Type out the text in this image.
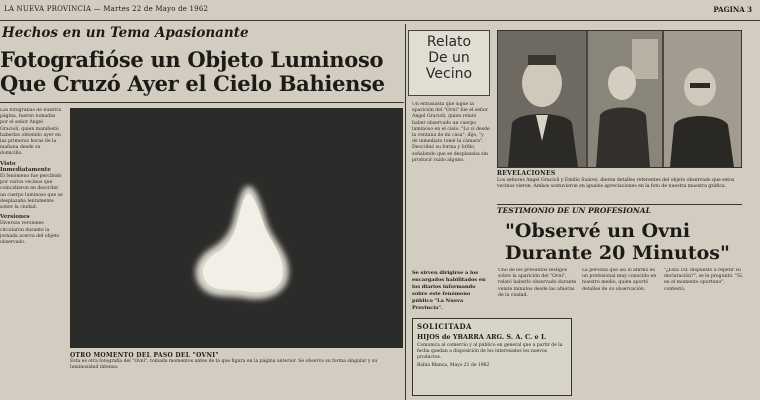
LA NUEVA PROVINCIA — Martes 22 de Mayo de 1962	PAGINA 3
Hechos en un Tema Apasionante
Fotografióse un Objeto Luminoso
Que Cruzó Ayer el Cielo Bahiense
Las fotografías de nuestra página, fueron tomadas por el señor Angel Gracioli, quien manifestó haberlas obtenido ayer en las primeras horas de la mañana desde su domicilio.
Visto Inmediatamente
El fenómeno fue percibido por varios vecinos que coincidieron en describir un cuerpo luminoso que se desplazaba lentamente sobre la ciudad.
Versiones
Diversas versiones circularon durante la jornada acerca del objeto observado.
OTRO MOMENTO DEL PASO DEL "OVNI"
Esta es otra fotografía del "Ovni", tomada momentos antes de la que figura en la página anterior. Se observa su forma singular y su luminosidad intensa.
Relato
De un
Vecino
Un entusiasta que sigue la aparición del "Ovni" fue el señor Angel Gracioli, quien relató haber observado un cuerpo luminoso en el cielo. "Lo vi desde la ventana de mi casa", dijo, "y de inmediato tomé la cámara". Describió su forma y brillo, señalando que se desplazaba sin producir ruido alguno.
Se sirven dirigirse a los encargados habilitados en los diarios informando sobre este fenómeno público "La Nueva Provincia".
REVELACIONES
Los señores Angel Gracioli y Emilio Suárez, dieron detalles referentes del objeto observado que estos vecinos vieron. Ambos sostuvieron en iguales apreciaciones en la foto de nuestra muestra gráfica.
TESTIMONIO DE UN PROFESIONAL
"Observé un Ovni
Durante 20 Minutos"
Uno de los presuntos testigos sobre la aparición del "Ovni", relató haberlo observado durante veinte minutos desde las afueras de la ciudad.
La persona que así lo afirmó es un profesional muy conocido en nuestro medio, quien aportó detalles de su observación.
"¿Está Ud. dispuesto a repetir su declaración?", se le preguntó. "Sí, en el momento oportuno", contestó.
SOLICITADA
HIJOS de YBARRA ARG. S. A. C. e I.
Comunica al comercio y al público en general que a partir de la fecha quedan a disposición de los interesados los nuevos productos.
Bahía Blanca, Mayo 21 de 1962
